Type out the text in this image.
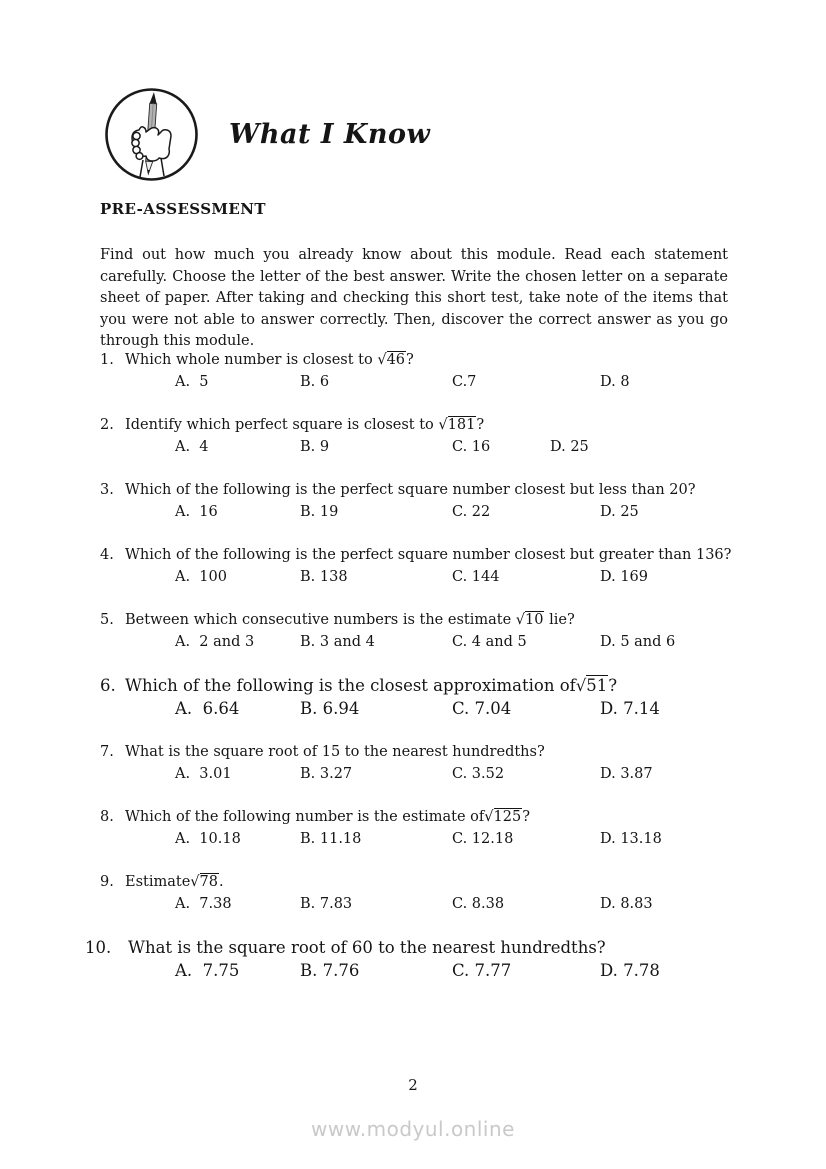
What I Know
PRE-ASSESSMENT

Find out how much you already know about this module. Read each statement carefully. Choose the letter of the best answer. Write the chosen letter on a separate sheet of paper. After taking and checking this short test, take note of the items that you were not able to answer correctly. Then, discover the correct answer as you go through this module.

1. Which whole number is closest to √46?
A.  5	B. 6	C.7	D. 8
2. Identify which perfect square is closest to √181?
A.  4	B. 9	C. 16	D. 25
3. Which of the following is the perfect square number closest but less than 20?
A.  16	B. 19	C. 22	D. 25
4. Which of the following is the perfect square number closest but greater than 136?
A.  100	B. 138	C. 144	D. 169
5. Between which consecutive numbers is the estimate √10 lie?
A.  2 and 3	B. 3 and 4	C. 4 and 5	D. 5 and 6
6. Which of the following is the closest approximation of√51?
A.  6.64	B. 6.94	C. 7.04	D. 7.14
7. What is the square root of 15 to the nearest hundredths?
A.  3.01	B. 3.27	C. 3.52	D. 3.87
8. Which of the following number is the estimate of√125?
A.  10.18	B. 11.18	C. 12.18	D. 13.18
9. Estimate√78.
A.  7.38	B. 7.83	C. 8.38	D. 8.83
10.	What is the square root of 60 to the nearest hundredths?
A.  7.75	B. 7.76	C. 7.77	D. 7.78
2
www.modyul.online
